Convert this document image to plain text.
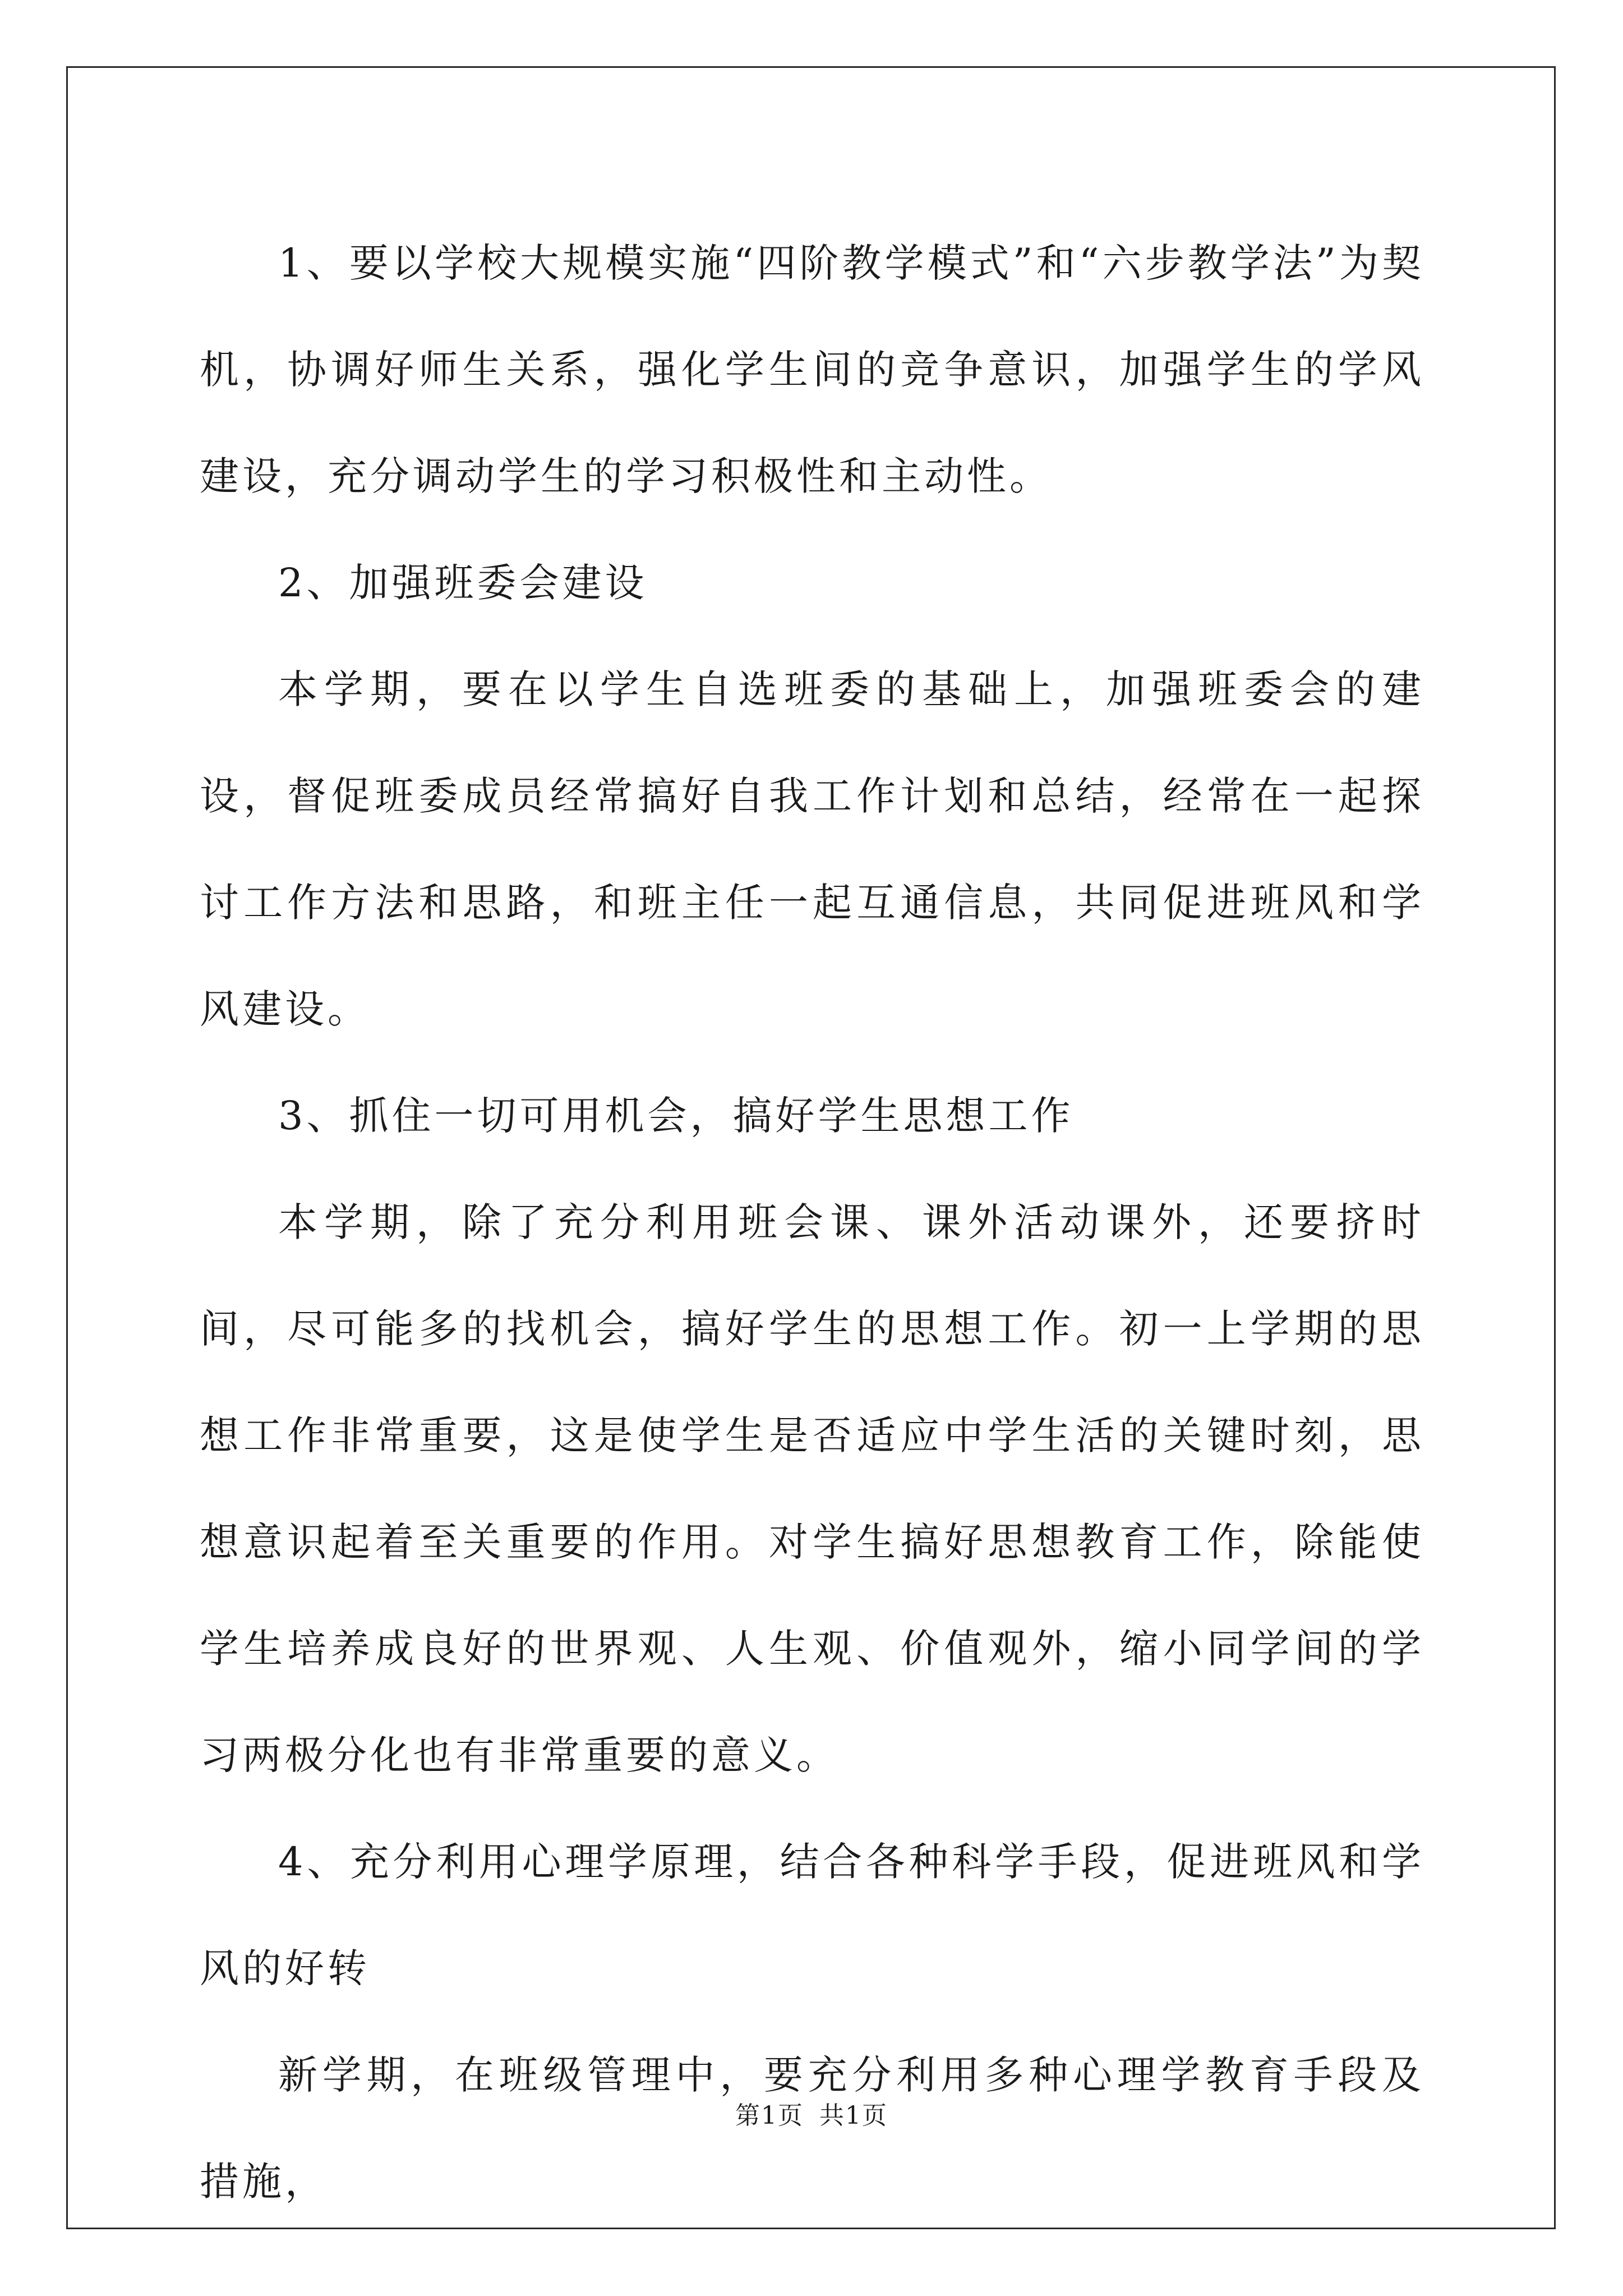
1、要以学校大规模实施“四阶教学模式”和“六步教学法”为契机，协调好师生关系，强化学生间的竞争意识，加强学生的学风建设，充分调动学生的学习积极性和主动性。

2、加强班委会建设

本学期，要在以学生自选班委的基础上，加强班委会的建设，督促班委成员经常搞好自我工作计划和总结，经常在一起探讨工作方法和思路，和班主任一起互通信息，共同促进班风和学风建设。

3、抓住一切可用机会，搞好学生思想工作

本学期，除了充分利用班会课、课外活动课外，还要挤时间，尽可能多的找机会，搞好学生的思想工作。初一上学期的思想工作非常重要，这是使学生是否适应中学生活的关键时刻，思想意识起着至关重要的作用。对学生搞好思想教育工作，除能使学生培养成良好的世界观、人生观、价值观外，缩小同学间的学习两极分化也有非常重要的意义。

4、充分利用心理学原理，结合各种科学手段，促进班风和学风的好转

新学期，在班级管理中，要充分利用多种心理学教育手段及措施，

第1页 共1页
